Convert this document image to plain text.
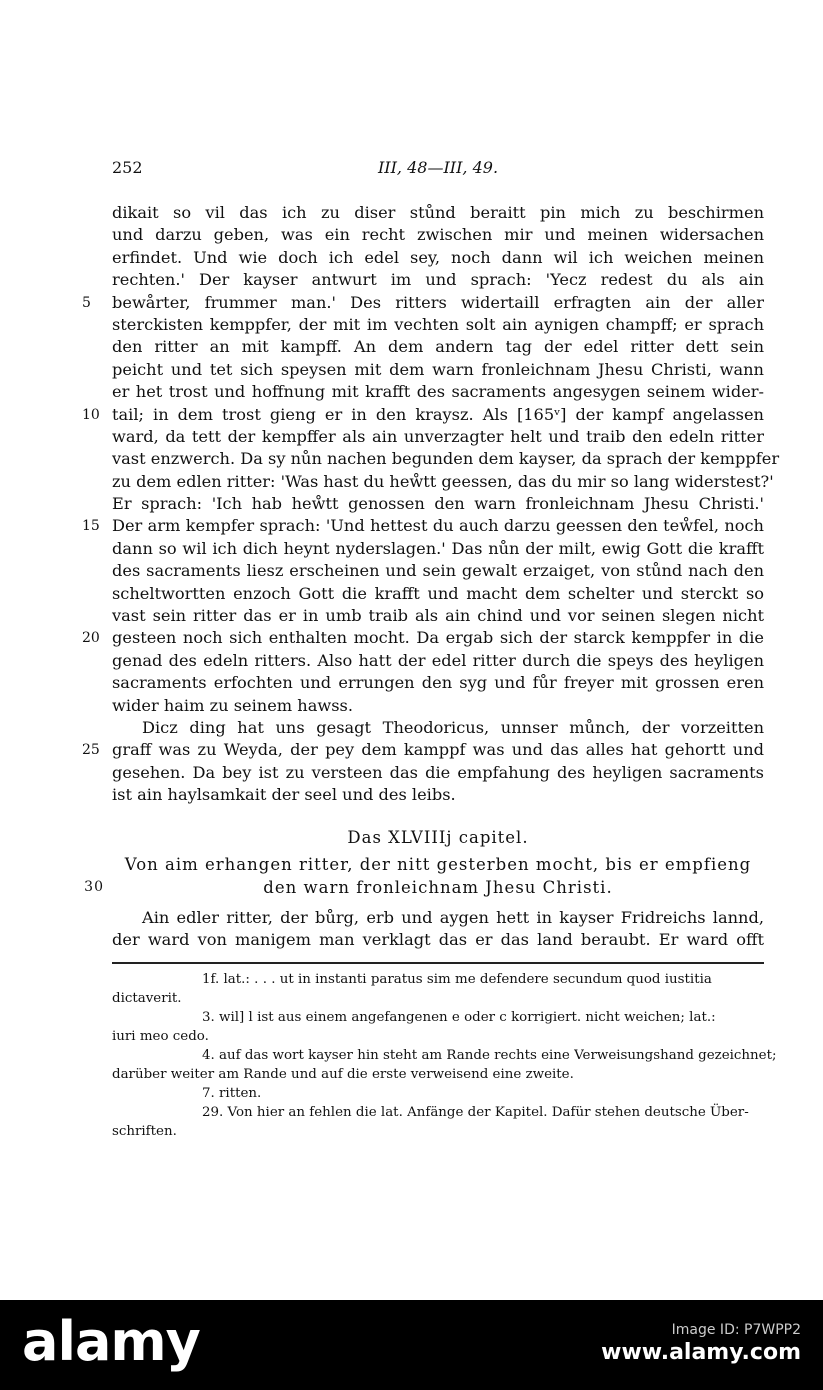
252	III, 48—III, 49.
dikait so vil das ich zu diser stůnd beraitt pin mich zu beschirmen
und darzu geben, was ein recht zwischen mir und meinen widersachen
erfindet. Und wie doch ich edel sey, noch dann wil ich weichen meinen
rechten.' Der kayser antwurt im und sprach: 'Yecz redest du als ain
bewårter, frummer man.' Des ritters widertaill erfragten ain der aller
5
sterckisten kemppfer, der mit im vechten solt ain aynigen champff; er sprach
den ritter an mit kampff. An dem andern tag der edel ritter dett sein
peicht und tet sich speysen mit dem warn fronleichnam Jhesu Christi, wann
er het trost und hoffnung mit krafft des sacraments angesygen seinem wider-
tail; in dem trost gieng er in den kraysz. Als [165ᵛ] der kampf angelassen
10
ward, da tett der kempffer als ain unverzagter helt und traib den edeln ritter
vast enzwerch. Da sy nůn nachen begunden dem kayser, da sprach der kemppfer
zu dem edlen ritter: 'Was hast du heẘtt geessen, das du mir so lang widerstest?'
Er sprach: 'Ich hab heẘtt genossen den warn fronleichnam Jhesu Christi.'
Der arm kempfer sprach: 'Und hettest du auch darzu geessen den teẘfel, noch
15
dann so wil ich dich heynt nyderslagen.' Das nůn der milt, ewig Gott die krafft
des sacraments liesz erscheinen und sein gewalt erzaiget, von stůnd nach den
scheltwortten enzoch Gott die krafft und macht dem schelter und sterckt so
vast sein ritter das er in umb traib als ain chind und vor seinen slegen nicht
gesteen noch sich enthalten mocht. Da ergab sich der starck kemppfer in die
20
genad des edeln ritters. Also hatt der edel ritter durch die speys des heyligen
sacraments erfochten und errungen den syg und fůr freyer mit grossen eren
wider haim zu seinem hawss.
Dicz ding hat uns gesagt Theodoricus, unnser můnch, der vorzeitten
graff was zu Weyda, der pey dem kamppf was und das alles hat gehortt und
25
gesehen. Da bey ist zu versteen das die empfahung des heyligen sacraments
ist ain haylsamkait der seel und des leibs.
Das XLVIIIj capitel.
Von aim erhangen ritter, der nitt gesterben mocht, bis er empfieng
den warn fronleichnam Jhesu Christi.
30
Ain edler ritter, der bůrg, erb und aygen hett in kayser Fridreichs lannd,
der ward von manigem man verklagt das er das land beraubt. Er ward offt
1f. lat.: . . . ut in instanti paratus sim me defendere secundum quod iustitia
dictaverit.
3. wil] l ist aus einem angefangenen e oder c korrigiert. nicht weichen; lat.:
iuri meo cedo.
4. auf das wort kayser hin steht am Rande rechts eine Verweisungshand gezeichnet;
darüber weiter am Rande und auf die erste verweisend eine zweite.
7. ritten.
29. Von hier an fehlen die lat. Anfänge der Kapitel. Dafür stehen deutsche Über-
schriften.
alamy	Image ID: P7WPP2
www.alamy.com
